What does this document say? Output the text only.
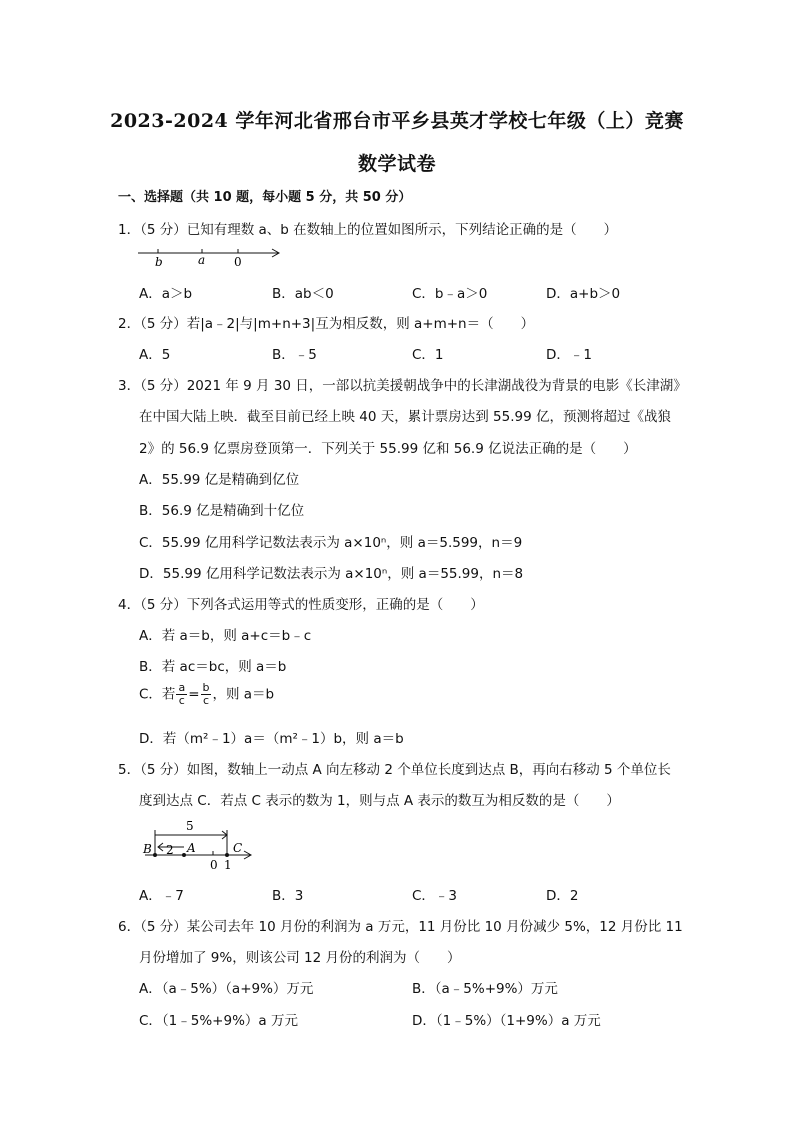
2023-2024 学年河北省邢台市平乡县英才学校七年级（上）竞赛
数学试卷
一、选择题（共 10 题，每小题 5 分，共 50 分）
1．（5 分）已知有理数 a、b 在数轴上的位置如图所示，下列结论正确的是（　　）
b	a 0
A．a＞b	B．ab＜0	C．b﹣a＞0	D．a+b＞0
2．（5 分）若|a﹣2|与|m+n+3|互为相反数，则 a+m+n＝（　　）
A．5	B．﹣5	C．1	D．﹣1
3．（5 分）2021 年 9 月 30 日，一部以抗美援朝战争中的长津湖战役为背景的电影《长津湖》
在中国大陆上映．截至目前已经上映 40 天，累计票房达到 55.99 亿，预测将超过《战狼
2》的 56.9 亿票房登顶第一．下列关于 55.99 亿和 56.9 亿说法正确的是（　　）
A．55.99 亿是精确到亿位
B．56.9 亿是精确到十亿位
C．55.99 亿用科学记数法表示为 a×10ⁿ，则 a＝5.599，n＝9
D．55.99 亿用科学记数法表示为 a×10ⁿ，则 a＝55.99，n＝8
4．（5 分）下列各式运用等式的性质变形，正确的是（　　）
A．若 a＝b，则 a+c＝b﹣c
B．若 ac＝bc，则 a＝b
C．若 $\frac{a}{c} = \frac{b}{c}$ ，则 a＝b
D．若（m²﹣1）a＝（m²﹣1）b，则 a＝b
5．（5 分）如图，数轴上一动点 A 向左移动 2 个单位长度到达点 B，再向右移动 5 个单位长
度到达点 C．若点 C 表示的数为 1，则与点 A 表示的数互为相反数的是（　　）
5
B 2 A	C
0 1
A．﹣7	B．3	C．﹣3	D．2
6．（5 分）某公司去年 10 月份的利润为 a 万元，11 月份比 10 月份减少 5%，12 月份比 11
月份增加了 9%，则该公司 12 月份的利润为（　　）
A．（a﹣5%）（a+9%）万元	B．（a﹣5%+9%）万元
C．（1﹣5%+9%）a 万元	D．（1﹣5%）（1+9%）a 万元
